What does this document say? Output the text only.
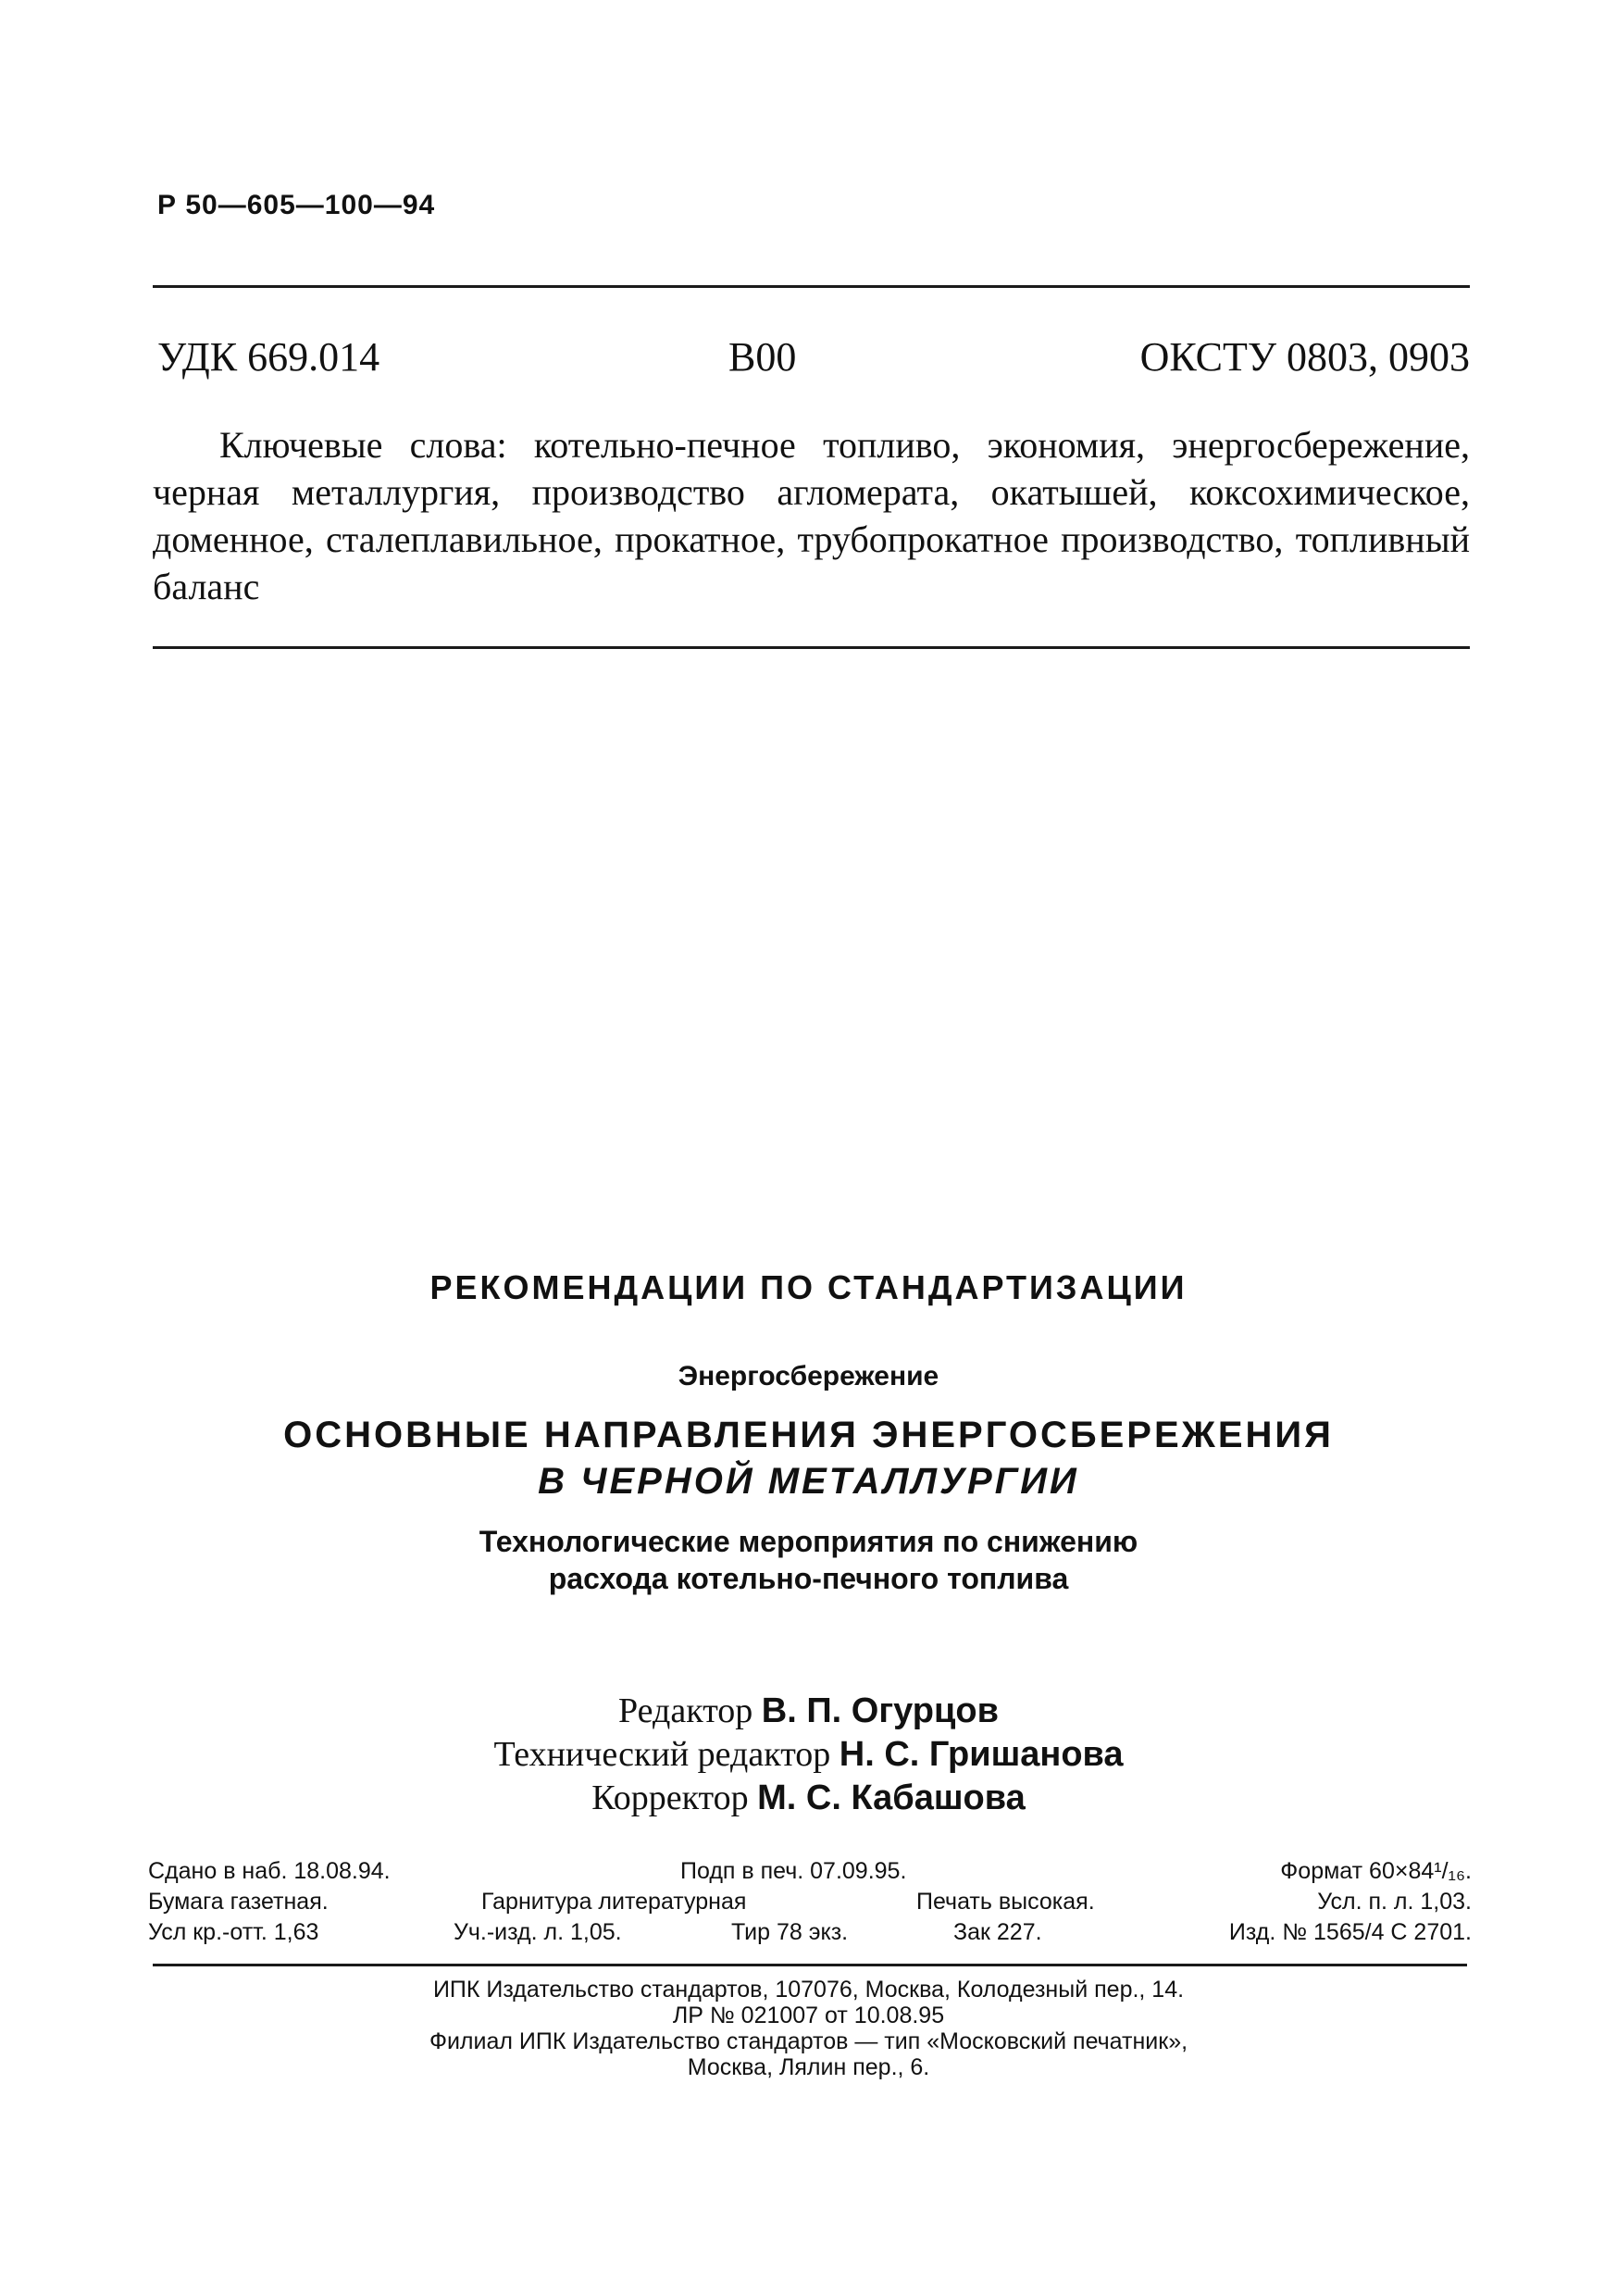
Р 50—605—100—94
УДК 669.014	В00	ОКСТУ 0803, 0903
Ключевые слова: котельно-печное топливо, экономия, энергосбережение, черная металлургия, производство агломерата, окатышей, коксохимическое, доменное, сталеплавильное, прокатное, трубопрокатное производство, топливный баланс
РЕКОМЕНДАЦИИ ПО СТАНДАРТИЗАЦИИ
Энергосбережение
ОСНОВНЫЕ НАПРАВЛЕНИЯ ЭНЕРГОСБЕРЕЖЕНИЯ
В ЧЕРНОЙ МЕТАЛЛУРГИИ
Технологические мероприятия по снижению
расхода котельно-печного топлива
Редактор В. П. Огурцов
Технический редактор Н. С. Гришанова
Корректор М. С. Кабашова
Сдано в наб. 18.08.94.	Подп в печ. 07.09.95.	Формат 60×84¹/₁₆.
Бумага газетная.	Гарнитура литературная	Печать высокая.	Усл. п. л. 1,03.
Усл кр.-отт. 1,63	Уч.-изд. л. 1,05.	Тир 78 экз.	Зак 227.	Изд. № 1565/4 С 2701.
ИПК Издательство стандартов, 107076, Москва, Колодезный пер., 14.
ЛР № 021007 от 10.08.95
Филиал ИПК Издательство стандартов — тип «Московский печатник»,
Москва, Лялин пер., 6.
